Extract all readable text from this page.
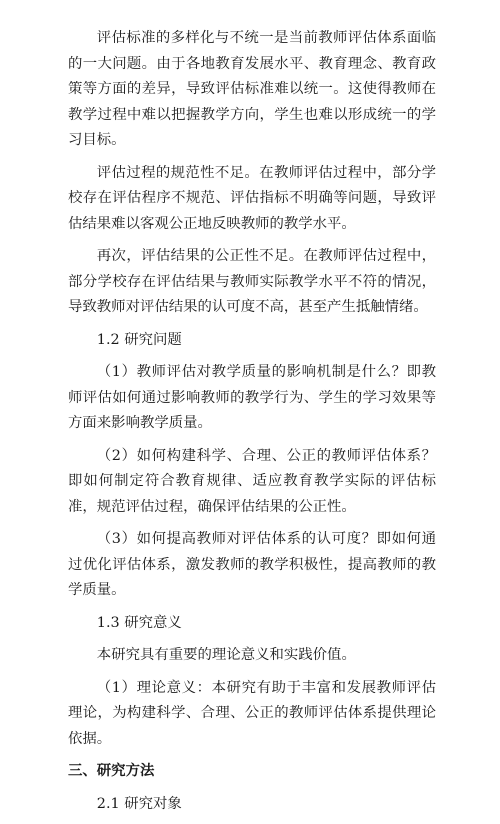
评估标准的多样化与不统一是当前教师评估体系面临的一大问题。由于各地教育发展水平、教育理念、教育政策等方面的差异，导致评估标准难以统一。这使得教师在教学过程中难以把握教学方向，学生也难以形成统一的学习目标。

评估过程的规范性不足。在教师评估过程中，部分学校存在评估程序不规范、评估指标不明确等问题，导致评估结果难以客观公正地反映教师的教学水平。

再次，评估结果的公正性不足。在教师评估过程中，部分学校存在评估结果与教师实际教学水平不符的情况，导致教师对评估结果的认可度不高，甚至产生抵触情绪。

1.2 研究问题

（1）教师评估对教学质量的影响机制是什么？即教师评估如何通过影响教师的教学行为、学生的学习效果等方面来影响教学质量。

（2）如何构建科学、合理、公正的教师评估体系？即如何制定符合教育规律、适应教育教学实际的评估标准，规范评估过程，确保评估结果的公正性。

（3）如何提高教师对评估体系的认可度？即如何通过优化评估体系，激发教师的教学积极性，提高教师的教学质量。

1.3 研究意义

本研究具有重要的理论意义和实践价值。

（1）理论意义：本研究有助于丰富和发展教师评估理论，为构建科学、合理、公正的教师评估体系提供理论依据。

三、研究方法

2.1 研究对象
